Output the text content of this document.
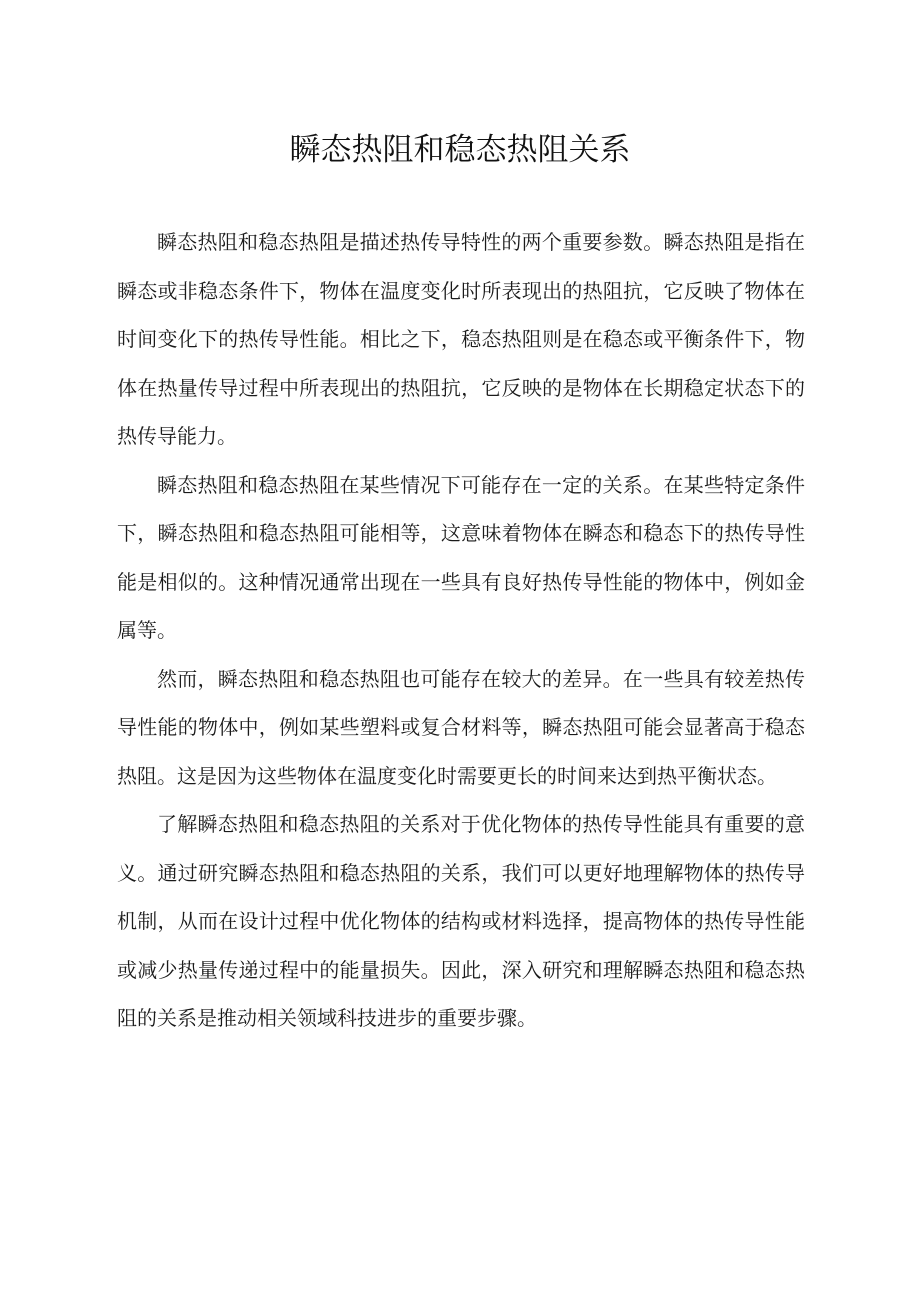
瞬态热阻和稳态热阻关系

瞬态热阻和稳态热阻是描述热传导特性的两个重要参数。瞬态热阻是指在瞬态或非稳态条件下，物体在温度变化时所表现出的热阻抗，它反映了物体在时间变化下的热传导性能。相比之下，稳态热阻则是在稳态或平衡条件下，物体在热量传导过程中所表现出的热阻抗，它反映的是物体在长期稳定状态下的热传导能力。

瞬态热阻和稳态热阻在某些情况下可能存在一定的关系。在某些特定条件下，瞬态热阻和稳态热阻可能相等，这意味着物体在瞬态和稳态下的热传导性能是相似的。这种情况通常出现在一些具有良好热传导性能的物体中，例如金属等。

然而，瞬态热阻和稳态热阻也可能存在较大的差异。在一些具有较差热传导性能的物体中，例如某些塑料或复合材料等，瞬态热阻可能会显著高于稳态热阻。这是因为这些物体在温度变化时需要更长的时间来达到热平衡状态。

了解瞬态热阻和稳态热阻的关系对于优化物体的热传导性能具有重要的意义。通过研究瞬态热阻和稳态热阻的关系，我们可以更好地理解物体的热传导机制，从而在设计过程中优化物体的结构或材料选择，提高物体的热传导性能或减少热量传递过程中的能量损失。因此，深入研究和理解瞬态热阻和稳态热阻的关系是推动相关领域科技进步的重要步骤。
